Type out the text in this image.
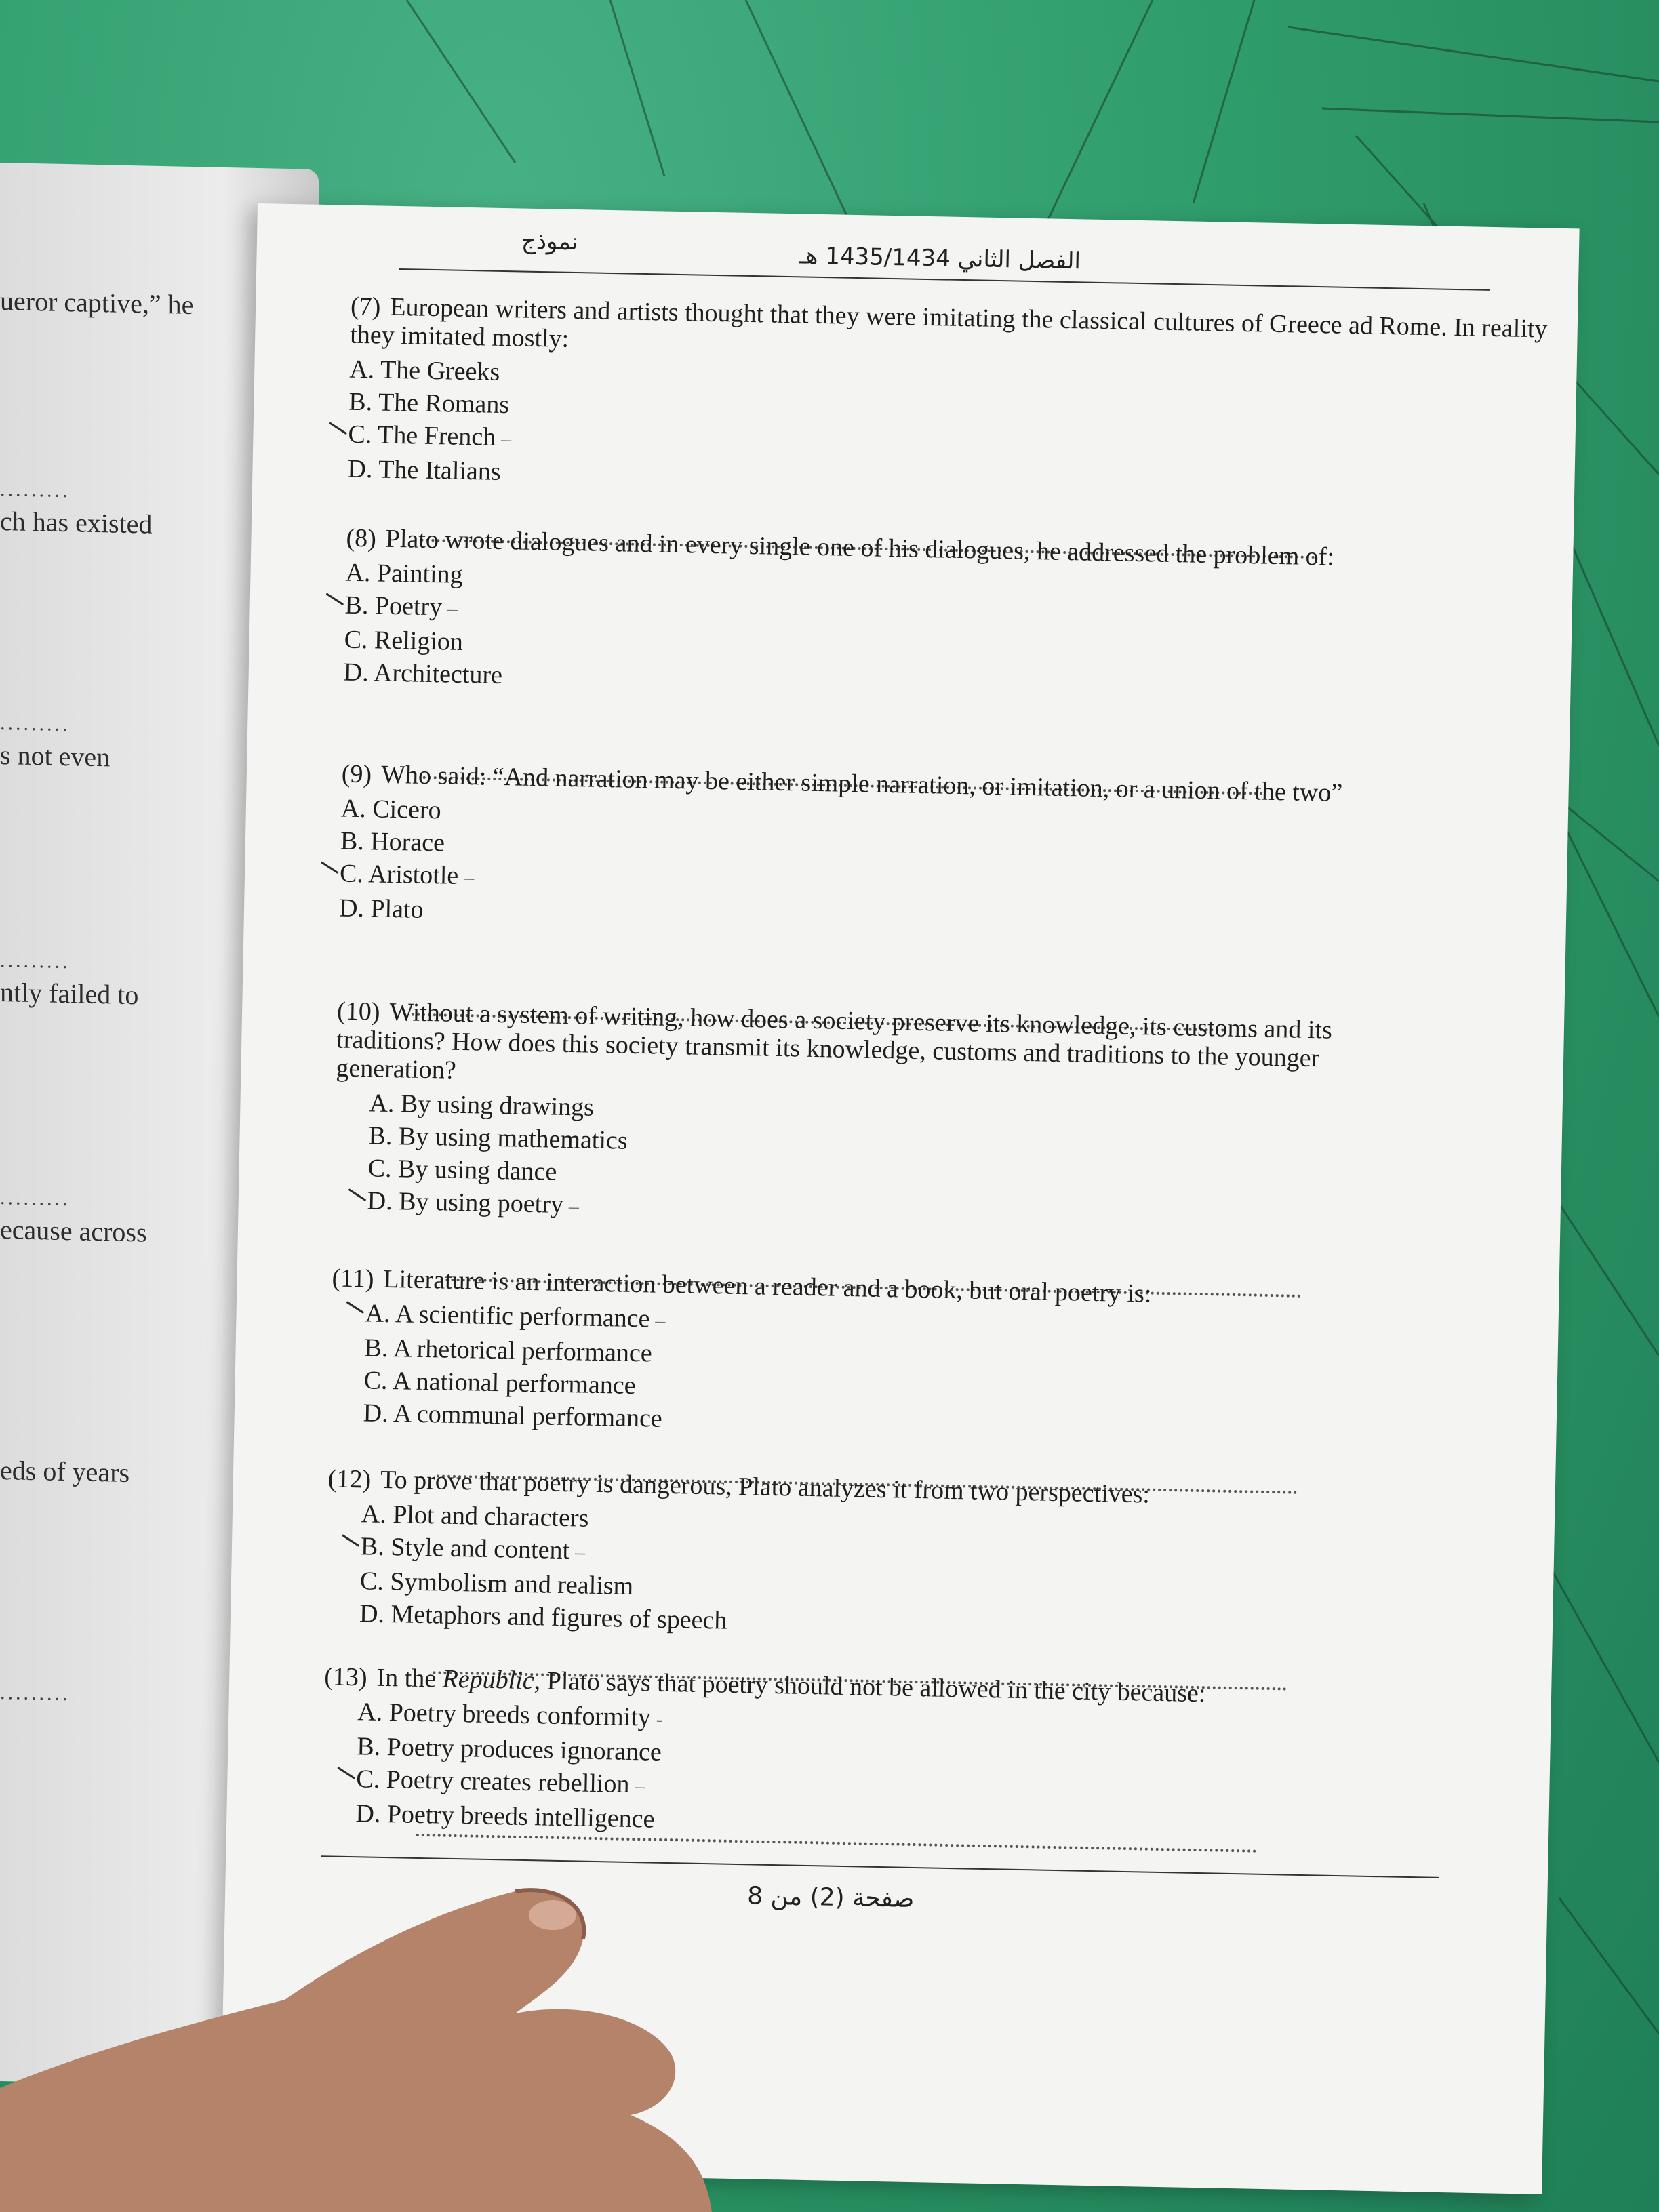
ueror captive,” he
.........
ch has existed
.........
s not even
.........
ntly failed to
.........
ecause across
eds of years
.........
نموذج
الفصل الثاني 1435/1434 هـ
(7) European writers and artists thought that they were imitating the classical cultures of Greece ad Rome. In reality they imitated mostly:
A. The Greeks
B. The Romans
C. The French –
D. The Italians
(8) Plato wrote dialogues and in every single one of his dialogues, he addressed the problem of:
A. Painting
B. Poetry –
C. Religion
D. Architecture
(9) Who said: “And narration may be either simple narration, or imitation, or a union of the two”
A. Cicero
B. Horace
C. Aristotle –
D. Plato
(10) Without a system of writing, how does a society preserve its knowledge, its customs and its traditions? How does this society transmit its knowledge, customs and traditions to the younger generation?
A. By using drawings
B. By using mathematics
C. By using dance
D. By using poetry –
(11) Literature is an interaction between a reader and a book, but oral poetry is:
A. A scientific performance –
B. A rhetorical performance
C. A national performance
D. A communal performance
(12) To prove that poetry is dangerous, Plato analyzes it from two perspectives:
A. Plot and characters
B. Style and content –
C. Symbolism and realism
D. Metaphors and figures of speech
(13) In the Republic, Plato says that poetry should not be allowed in the city because:
A. Poetry breeds conformity -
B. Poetry produces ignorance
C. Poetry creates rebellion –
D. Poetry breeds intelligence
صفحة (2) من 8
